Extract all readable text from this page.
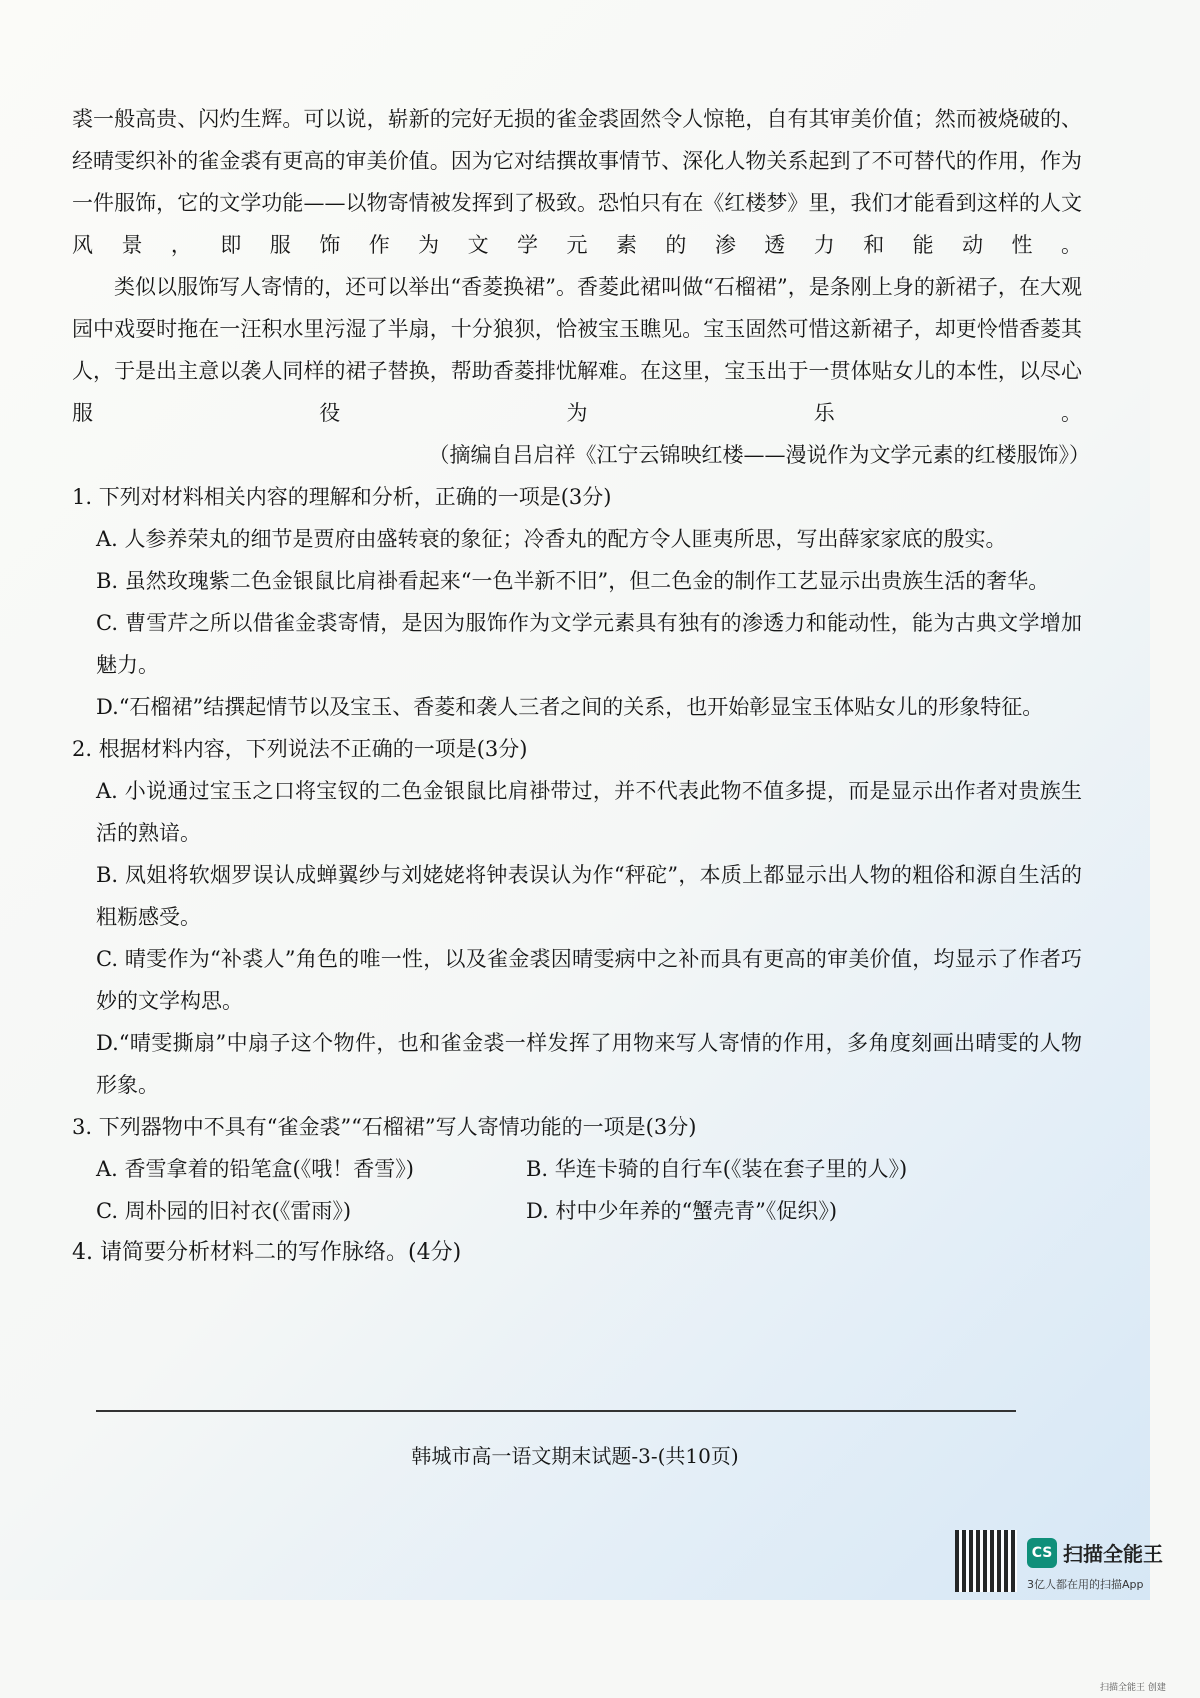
裘一般高贵、闪灼生辉。可以说，崭新的完好无损的雀金裘固然令人惊艳，自有其审美价值；然而被烧破的、经晴雯织补的雀金裘有更高的审美价值。因为它对结撰故事情节、深化人物关系起到了不可替代的作用，作为一件服饰，它的文学功能——以物寄情被发挥到了极致。恐怕只有在《红楼梦》里，我们才能看到这样的人文风景，即服饰作为文学元素的渗透力和能动性。

类似以服饰写人寄情的，还可以举出“香菱换裙”。香菱此裙叫做“石榴裙”，是条刚上身的新裙子，在大观园中戏耍时拖在一汪积水里污湿了半扇，十分狼狈，恰被宝玉瞧见。宝玉固然可惜这新裙子，却更怜惜香菱其人，于是出主意以袭人同样的裙子替换，帮助香菱排忧解难。在这里，宝玉出于一贯体贴女儿的本性，以尽心服役为乐。

（摘编自吕启祥《江宁云锦映红楼——漫说作为文学元素的红楼服饰》）

1. 下列对材料相关内容的理解和分析，正确的一项是(3分)

A. 人参养荣丸的细节是贾府由盛转衰的象征；冷香丸的配方令人匪夷所思，写出薛家家底的殷实。

B. 虽然玫瑰紫二色金银鼠比肩褂看起来“一色半新不旧”，但二色金的制作工艺显示出贵族生活的奢华。

C. 曹雪芹之所以借雀金裘寄情，是因为服饰作为文学元素具有独有的渗透力和能动性，能为古典文学增加魅力。

D.“石榴裙”结撰起情节以及宝玉、香菱和袭人三者之间的关系，也开始彰显宝玉体贴女儿的形象特征。

2. 根据材料内容，下列说法不正确的一项是(3分)

A. 小说通过宝玉之口将宝钗的二色金银鼠比肩褂带过，并不代表此物不值多提，而是显示出作者对贵族生活的熟谙。

B. 凤姐将软烟罗误认成蝉翼纱与刘姥姥将钟表误认为作“秤砣”，本质上都显示出人物的粗俗和源自生活的粗粝感受。

C. 晴雯作为“补裘人”角色的唯一性，以及雀金裘因晴雯病中之补而具有更高的审美价值，均显示了作者巧妙的文学构思。

D.“晴雯撕扇”中扇子这个物件，也和雀金裘一样发挥了用物来写人寄情的作用，多角度刻画出晴雯的人物形象。

3. 下列器物中不具有“雀金裘”“石榴裙”写人寄情功能的一项是(3分)

A. 香雪拿着的铅笔盒(《哦！香雪》)	B. 华连卡骑的自行车(《装在套子里的人》)
C. 周朴园的旧衬衣(《雷雨》)	D. 村中少年养的“蟹壳青”《促织》)

4. 请简要分析材料二的写作脉络。(4分)

韩城市高一语文期末试题-3-(共10页)
CS 扫描全能王
3亿人都在用的扫描App
扫描全能王 创建
